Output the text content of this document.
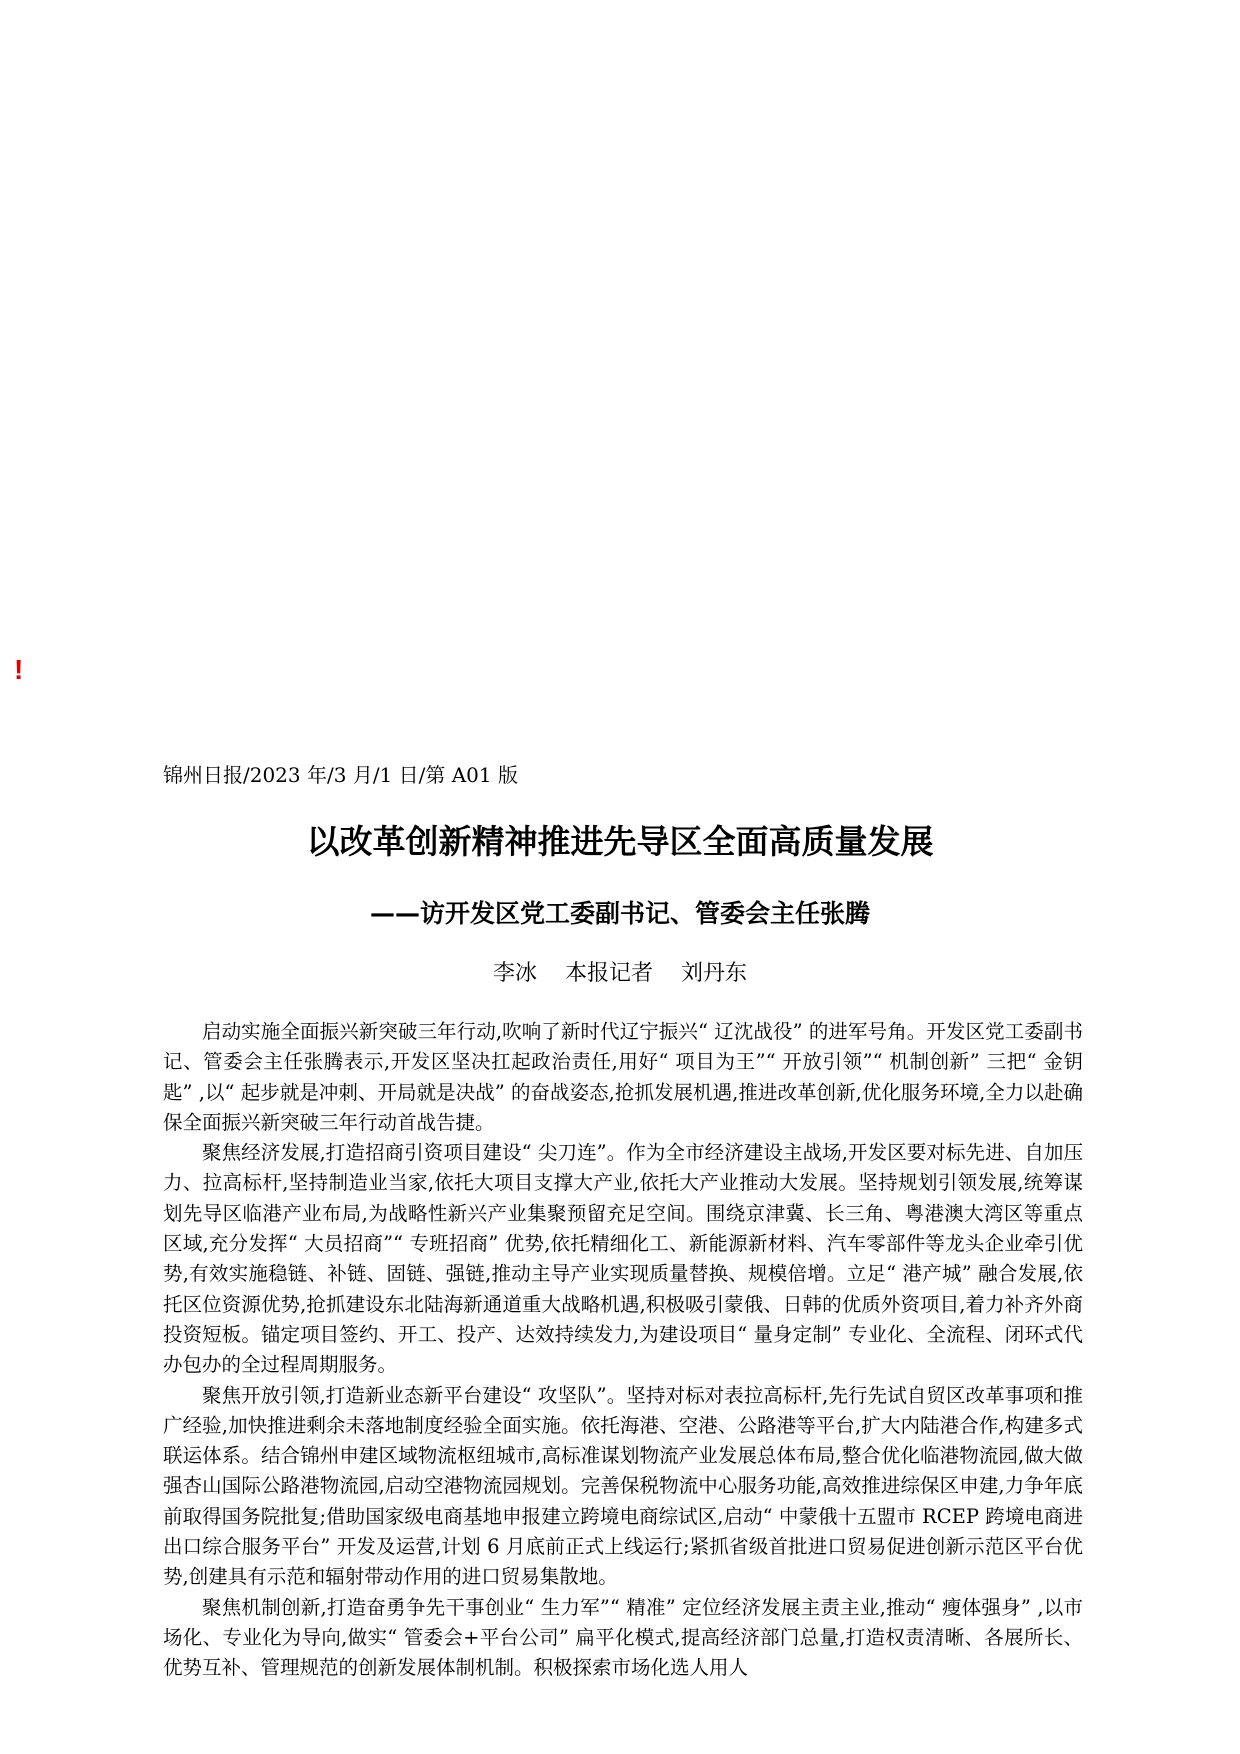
!
锦州日报/2023 年/3 月/1 日/第 A01 版
以改革创新精神推进先导区全面高质量发展
——访开发区党工委副书记、管委会主任张腾
李冰    本报记者    刘丹东

启动实施全面振兴新突破三年行动,吹响了新时代辽宁振兴“ 辽沈战役” 的进军号角。开发区党工委副书记、管委会主任张腾表示,开发区坚决扛起政治责任,用好“ 项目为王”“ 开放引领”“ 机制创新” 三把“ 金钥匙” ,以“ 起步就是冲刺、开局就是决战” 的奋战姿态,抢抓发展机遇,推进改革创新,优化服务环境,全力以赴确保全面振兴新突破三年行动首战告捷。

聚焦经济发展,打造招商引资项目建设“ 尖刀连”。作为全市经济建设主战场,开发区要对标先进、自加压力、拉高标杆,坚持制造业当家,依托大项目支撑大产业,依托大产业推动大发展。坚持规划引领发展,统筹谋划先导区临港产业布局,为战略性新兴产业集聚预留充足空间。围绕京津冀、长三角、粤港澳大湾区等重点区域,充分发挥“ 大员招商”“ 专班招商” 优势,依托精细化工、新能源新材料、汽车零部件等龙头企业牵引优势,有效实施稳链、补链、固链、强链,推动主导产业实现质量替换、规模倍增。立足“ 港产城” 融合发展,依托区位资源优势,抢抓建设东北陆海新通道重大战略机遇,积极吸引蒙俄、日韩的优质外资项目,着力补齐外商投资短板。锚定项目签约、开工、投产、达效持续发力,为建设项目“ 量身定制” 专业化、全流程、闭环式代办包办的全过程周期服务。

聚焦开放引领,打造新业态新平台建设“ 攻坚队”。坚持对标对表拉高标杆,先行先试自贸区改革事项和推广经验,加快推进剩余未落地制度经验全面实施。依托海港、空港、公路港等平台,扩大内陆港合作,构建多式联运体系。结合锦州申建区域物流枢纽城市,高标准谋划物流产业发展总体布局,整合优化临港物流园,做大做强杏山国际公路港物流园,启动空港物流园规划。完善保税物流中心服务功能,高效推进综保区申建,力争年底前取得国务院批复;借助国家级电商基地申报建立跨境电商综试区,启动“ 中蒙俄十五盟市 RCEP 跨境电商进出口综合服务平台” 开发及运营,计划 6 月底前正式上线运行;紧抓省级首批进口贸易促进创新示范区平台优势,创建具有示范和辐射带动作用的进口贸易集散地。

聚焦机制创新,打造奋勇争先干事创业“ 生力军”“ 精准” 定位经济发展主责主业,推动“ 瘦体强身” ,以市场化、专业化为导向,做实“ 管委会+平台公司” 扁平化模式,提高经济部门总量,打造权责清晰、各展所长、优势互补、管理规范的创新发展体制机制。积极探索市场化选人用人
